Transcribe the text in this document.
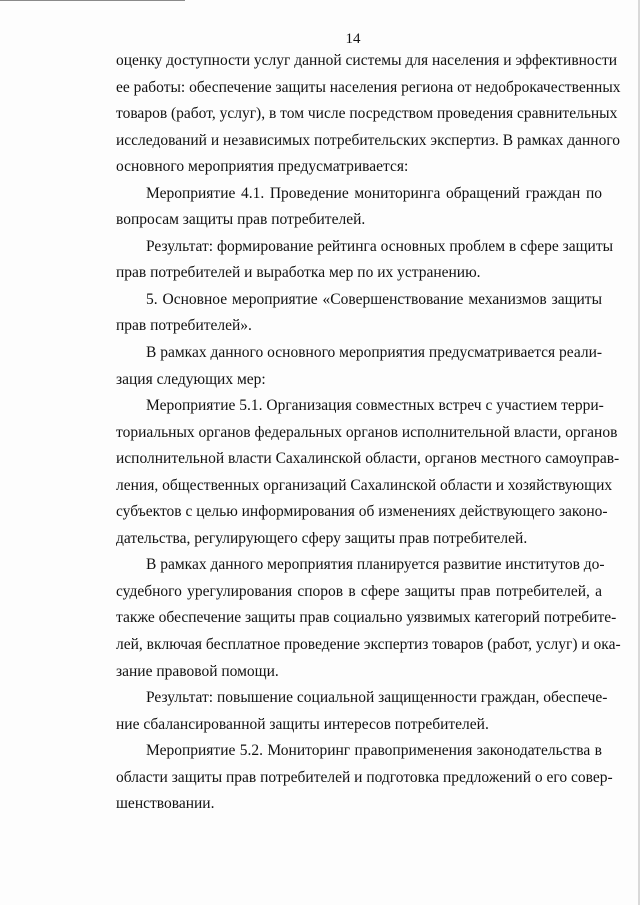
14
оценку доступности услуг данной системы для населения и эффективности
ее работы: обеспечение защиты населения региона от недоброкачественных
товаров (работ, услуг), в том числе посредством проведения сравнительных
исследований и независимых потребительских экспертиз. В рамках данного
основного мероприятия предусматривается:
Мероприятие 4.1. Проведение мониторинга обращений граждан по
вопросам защиты прав потребителей.
Результат: формирование рейтинга основных проблем в сфере защиты
прав потребителей и выработка мер по их устранению.
5. Основное мероприятие «Совершенствование механизмов защиты
прав потребителей».
В рамках данного основного мероприятия предусматривается реали-
зация следующих мер:
Мероприятие 5.1. Организация совместных встреч с участием терри-
ториальных органов федеральных органов исполнительной власти, органов
исполнительной власти Сахалинской области, органов местного самоуправ-
ления, общественных организаций Сахалинской области и хозяйствующих
субъектов с целью информирования об изменениях действующего законо-
дательства, регулирующего сферу защиты прав потребителей.
В рамках данного мероприятия планируется развитие институтов до-
судебного урегулирования споров в сфере защиты прав потребителей, а
также обеспечение защиты прав социально уязвимых категорий потребите-
лей, включая бесплатное проведение экспертиз товаров (работ, услуг) и ока-
зание правовой помощи.
Результат: повышение социальной защищенности граждан, обеспече-
ние сбалансированной защиты интересов потребителей.
Мероприятие 5.2. Мониторинг правоприменения законодательства в
области защиты прав потребителей и подготовка предложений о его совер-
шенствовании.
